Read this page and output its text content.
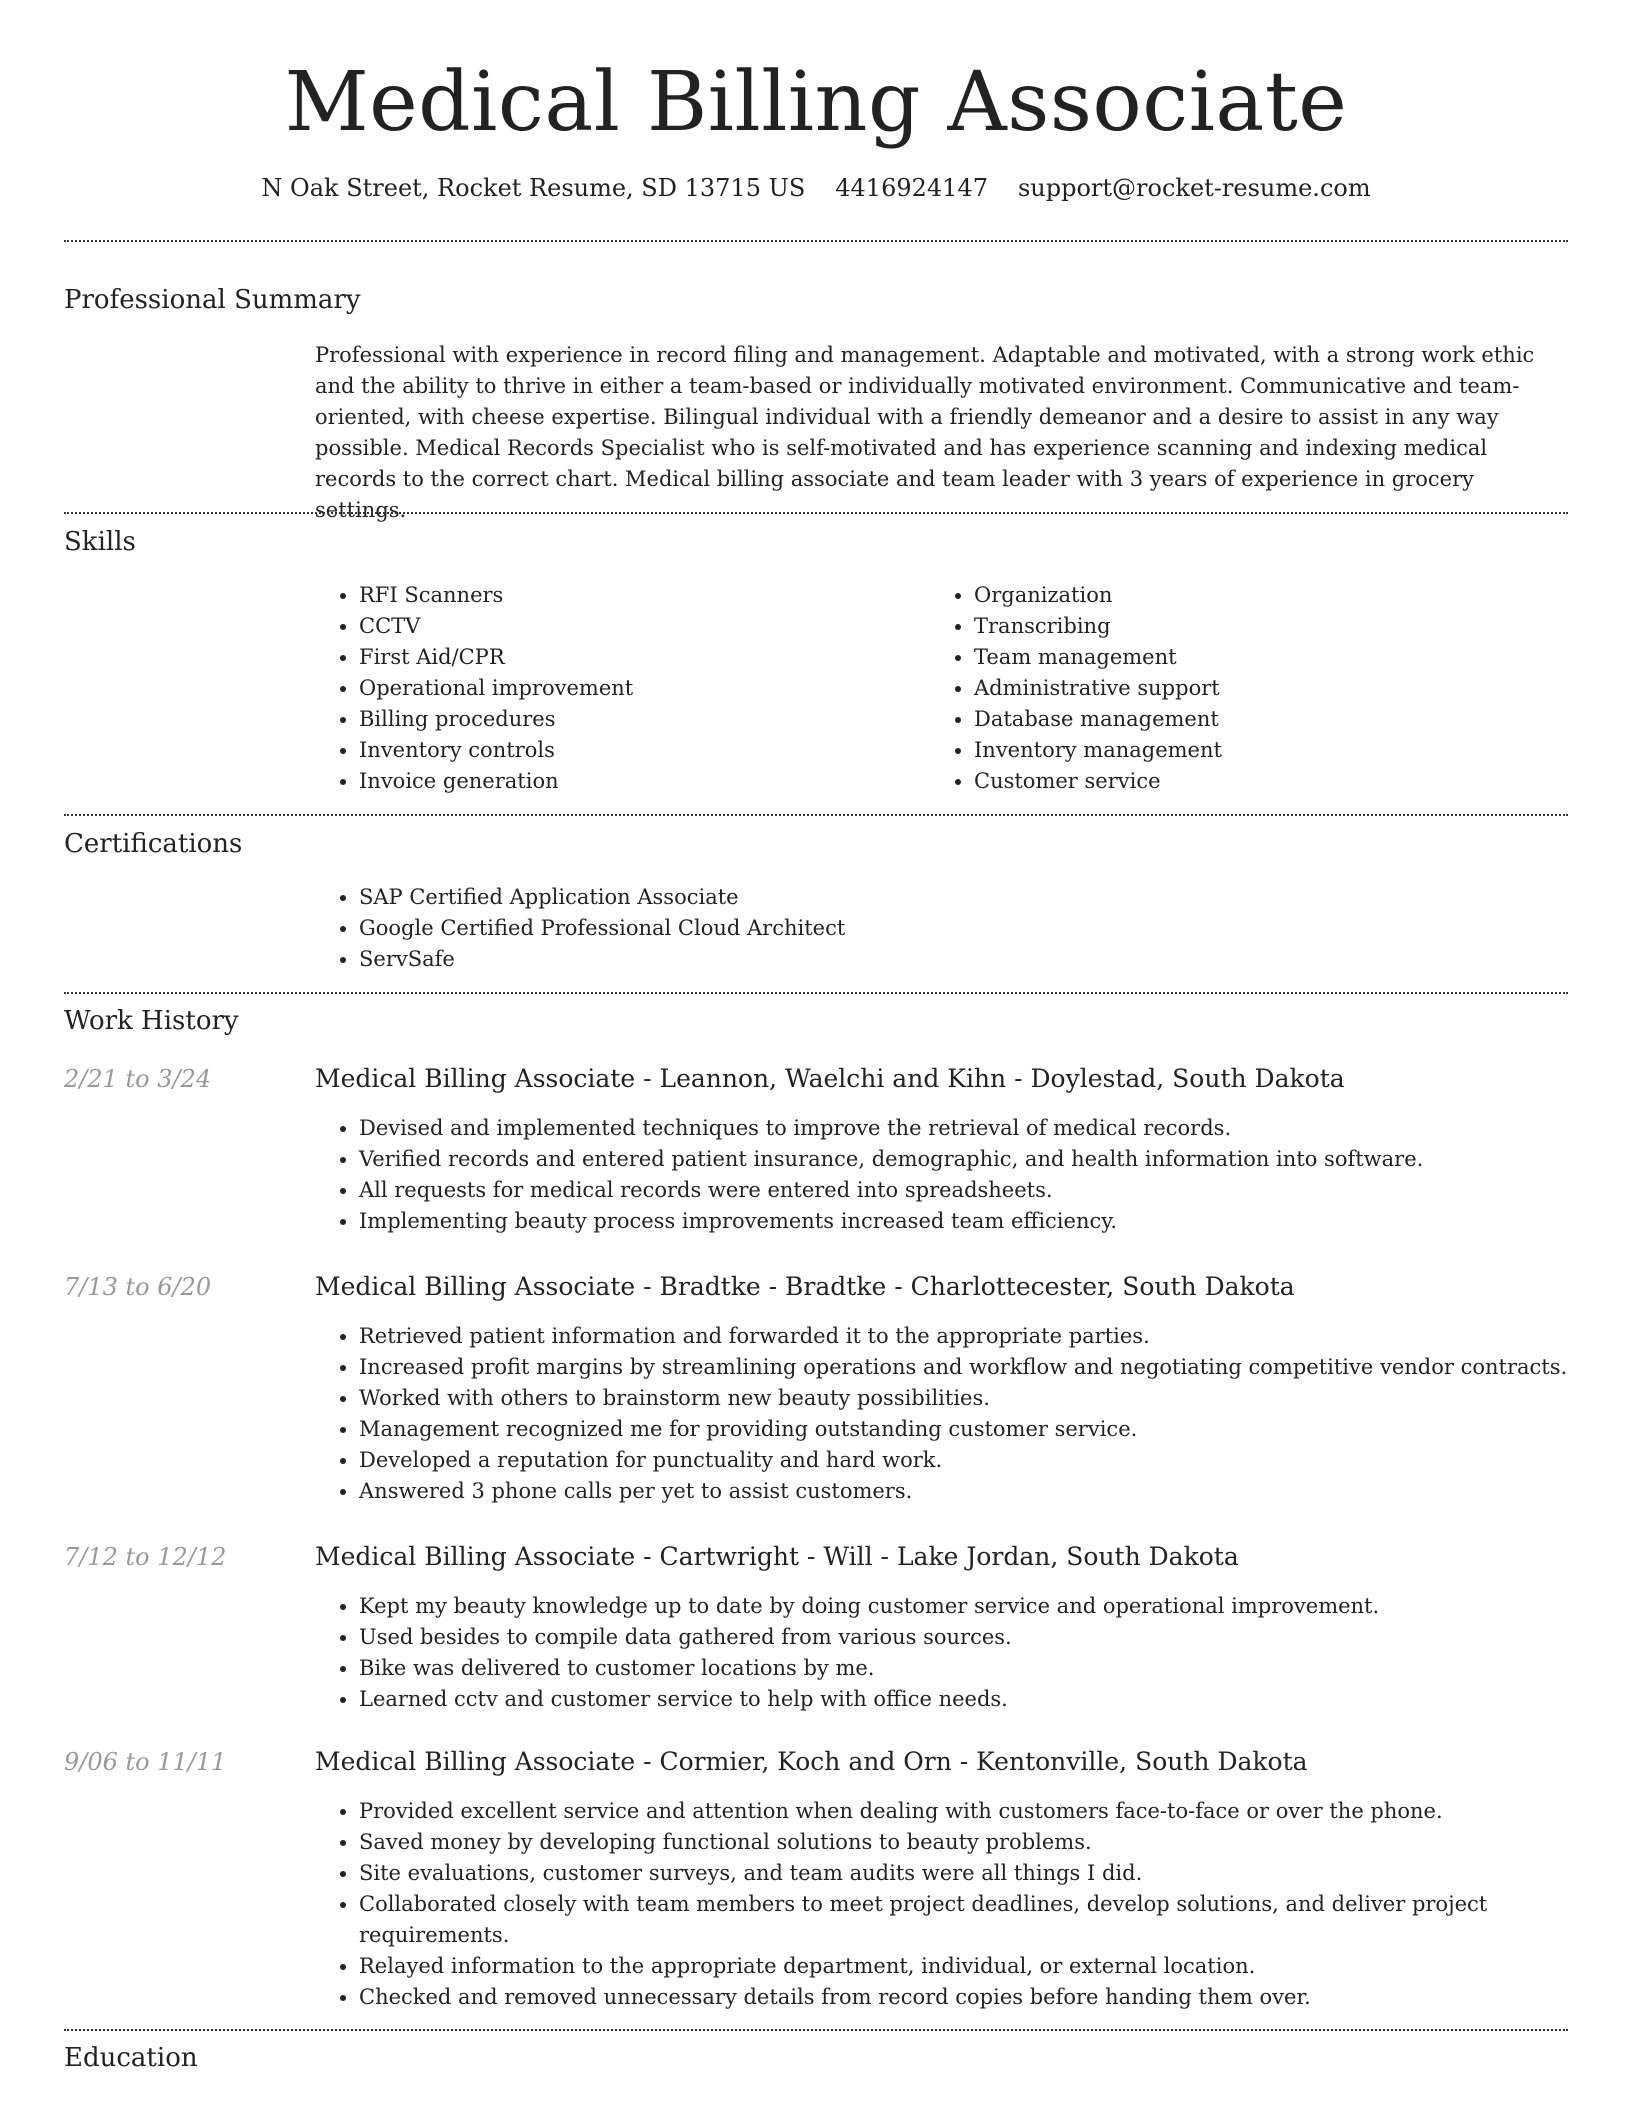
Medical Billing Associate
N Oak Street, Rocket Resume, SD 13715 US 4416924147 support@rocket-resume.com
Professional Summary
Professional with experience in record filing and management. Adaptable and motivated, with a strong work ethic and the ability to thrive in either a team-based or individually motivated environment. Communicative and team-oriented, with cheese expertise. Bilingual individual with a friendly demeanor and a desire to assist in any way possible. Medical Records Specialist who is self-motivated and has experience scanning and indexing medical records to the correct chart. Medical billing associate and team leader with 3 years of experience in grocery settings.
Skills
• RFI Scanners
• CCTV
• First Aid/CPR
• Operational improvement
• Billing procedures
• Inventory controls
• Invoice generation
• Organization
• Transcribing
• Team management
• Administrative support
• Database management
• Inventory management
• Customer service
Certifications
• SAP Certified Application Associate
• Google Certified Professional Cloud Architect
• ServSafe
Work History
2/21 to 3/24	Medical Billing Associate - Leannon, Waelchi and Kihn - Doylestad, South Dakota
• Devised and implemented techniques to improve the retrieval of medical records.
• Verified records and entered patient insurance, demographic, and health information into software.
• All requests for medical records were entered into spreadsheets.
• Implementing beauty process improvements increased team efficiency.
7/13 to 6/20	Medical Billing Associate - Bradtke - Bradtke - Charlottecester, South Dakota
• Retrieved patient information and forwarded it to the appropriate parties.
• Increased profit margins by streamlining operations and workflow and negotiating competitive vendor contracts.
• Worked with others to brainstorm new beauty possibilities.
• Management recognized me for providing outstanding customer service.
• Developed a reputation for punctuality and hard work.
• Answered 3 phone calls per yet to assist customers.
7/12 to 12/12	Medical Billing Associate - Cartwright - Will - Lake Jordan, South Dakota
• Kept my beauty knowledge up to date by doing customer service and operational improvement.
• Used besides to compile data gathered from various sources.
• Bike was delivered to customer locations by me.
• Learned cctv and customer service to help with office needs.
9/06 to 11/11	Medical Billing Associate - Cormier, Koch and Orn - Kentonville, South Dakota
• Provided excellent service and attention when dealing with customers face-to-face or over the phone.
• Saved money by developing functional solutions to beauty problems.
• Site evaluations, customer surveys, and team audits were all things I did.
• Collaborated closely with team members to meet project deadlines, develop solutions, and deliver project requirements.
• Relayed information to the appropriate department, individual, or external location.
• Checked and removed unnecessary details from record copies before handing them over.
Education
